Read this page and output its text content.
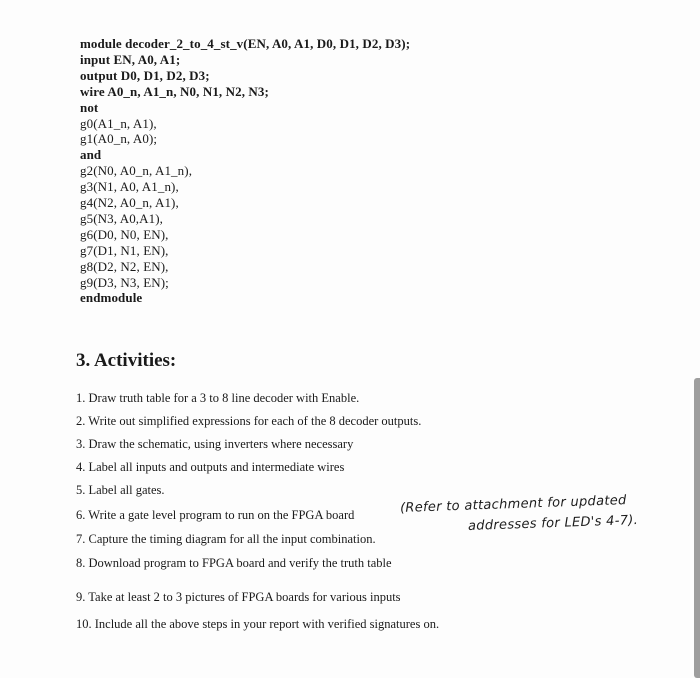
module decoder_2_to_4_st_v(EN, A0, A1, D0, D1, D2, D3);
input EN, A0, A1;
output D0, D1, D2, D3;
wire A0_n, A1_n, N0, N1, N2, N3;
not
g0(A1_n, A1),
g1(A0_n, A0);
and
g2(N0, A0_n, A1_n),
g3(N1, A0, A1_n),
g4(N2, A0_n, A1),
g5(N3, A0,A1),
g6(D0, N0, EN),
g7(D1, N1, EN),
g8(D2, N2, EN),
g9(D3, N3, EN);
endmodule
3. Activities:
1. Draw truth table for a 3 to 8 line decoder with Enable.
2. Write out simplified expressions for each of the 8 decoder outputs.
3. Draw the schematic, using inverters where necessary
4. Label all inputs and outputs and intermediate wires
5. Label all gates.
6. Write a gate level program to run on the FPGA board
7. Capture the timing diagram for all the input combination.
8. Download program to FPGA board and verify the truth table
9. Take at least 2 to 3 pictures of FPGA boards for various inputs
10. Include all the above steps in your report with verified signatures on.
(Refer to attachment for updated
addresses for LED's 4-7).
